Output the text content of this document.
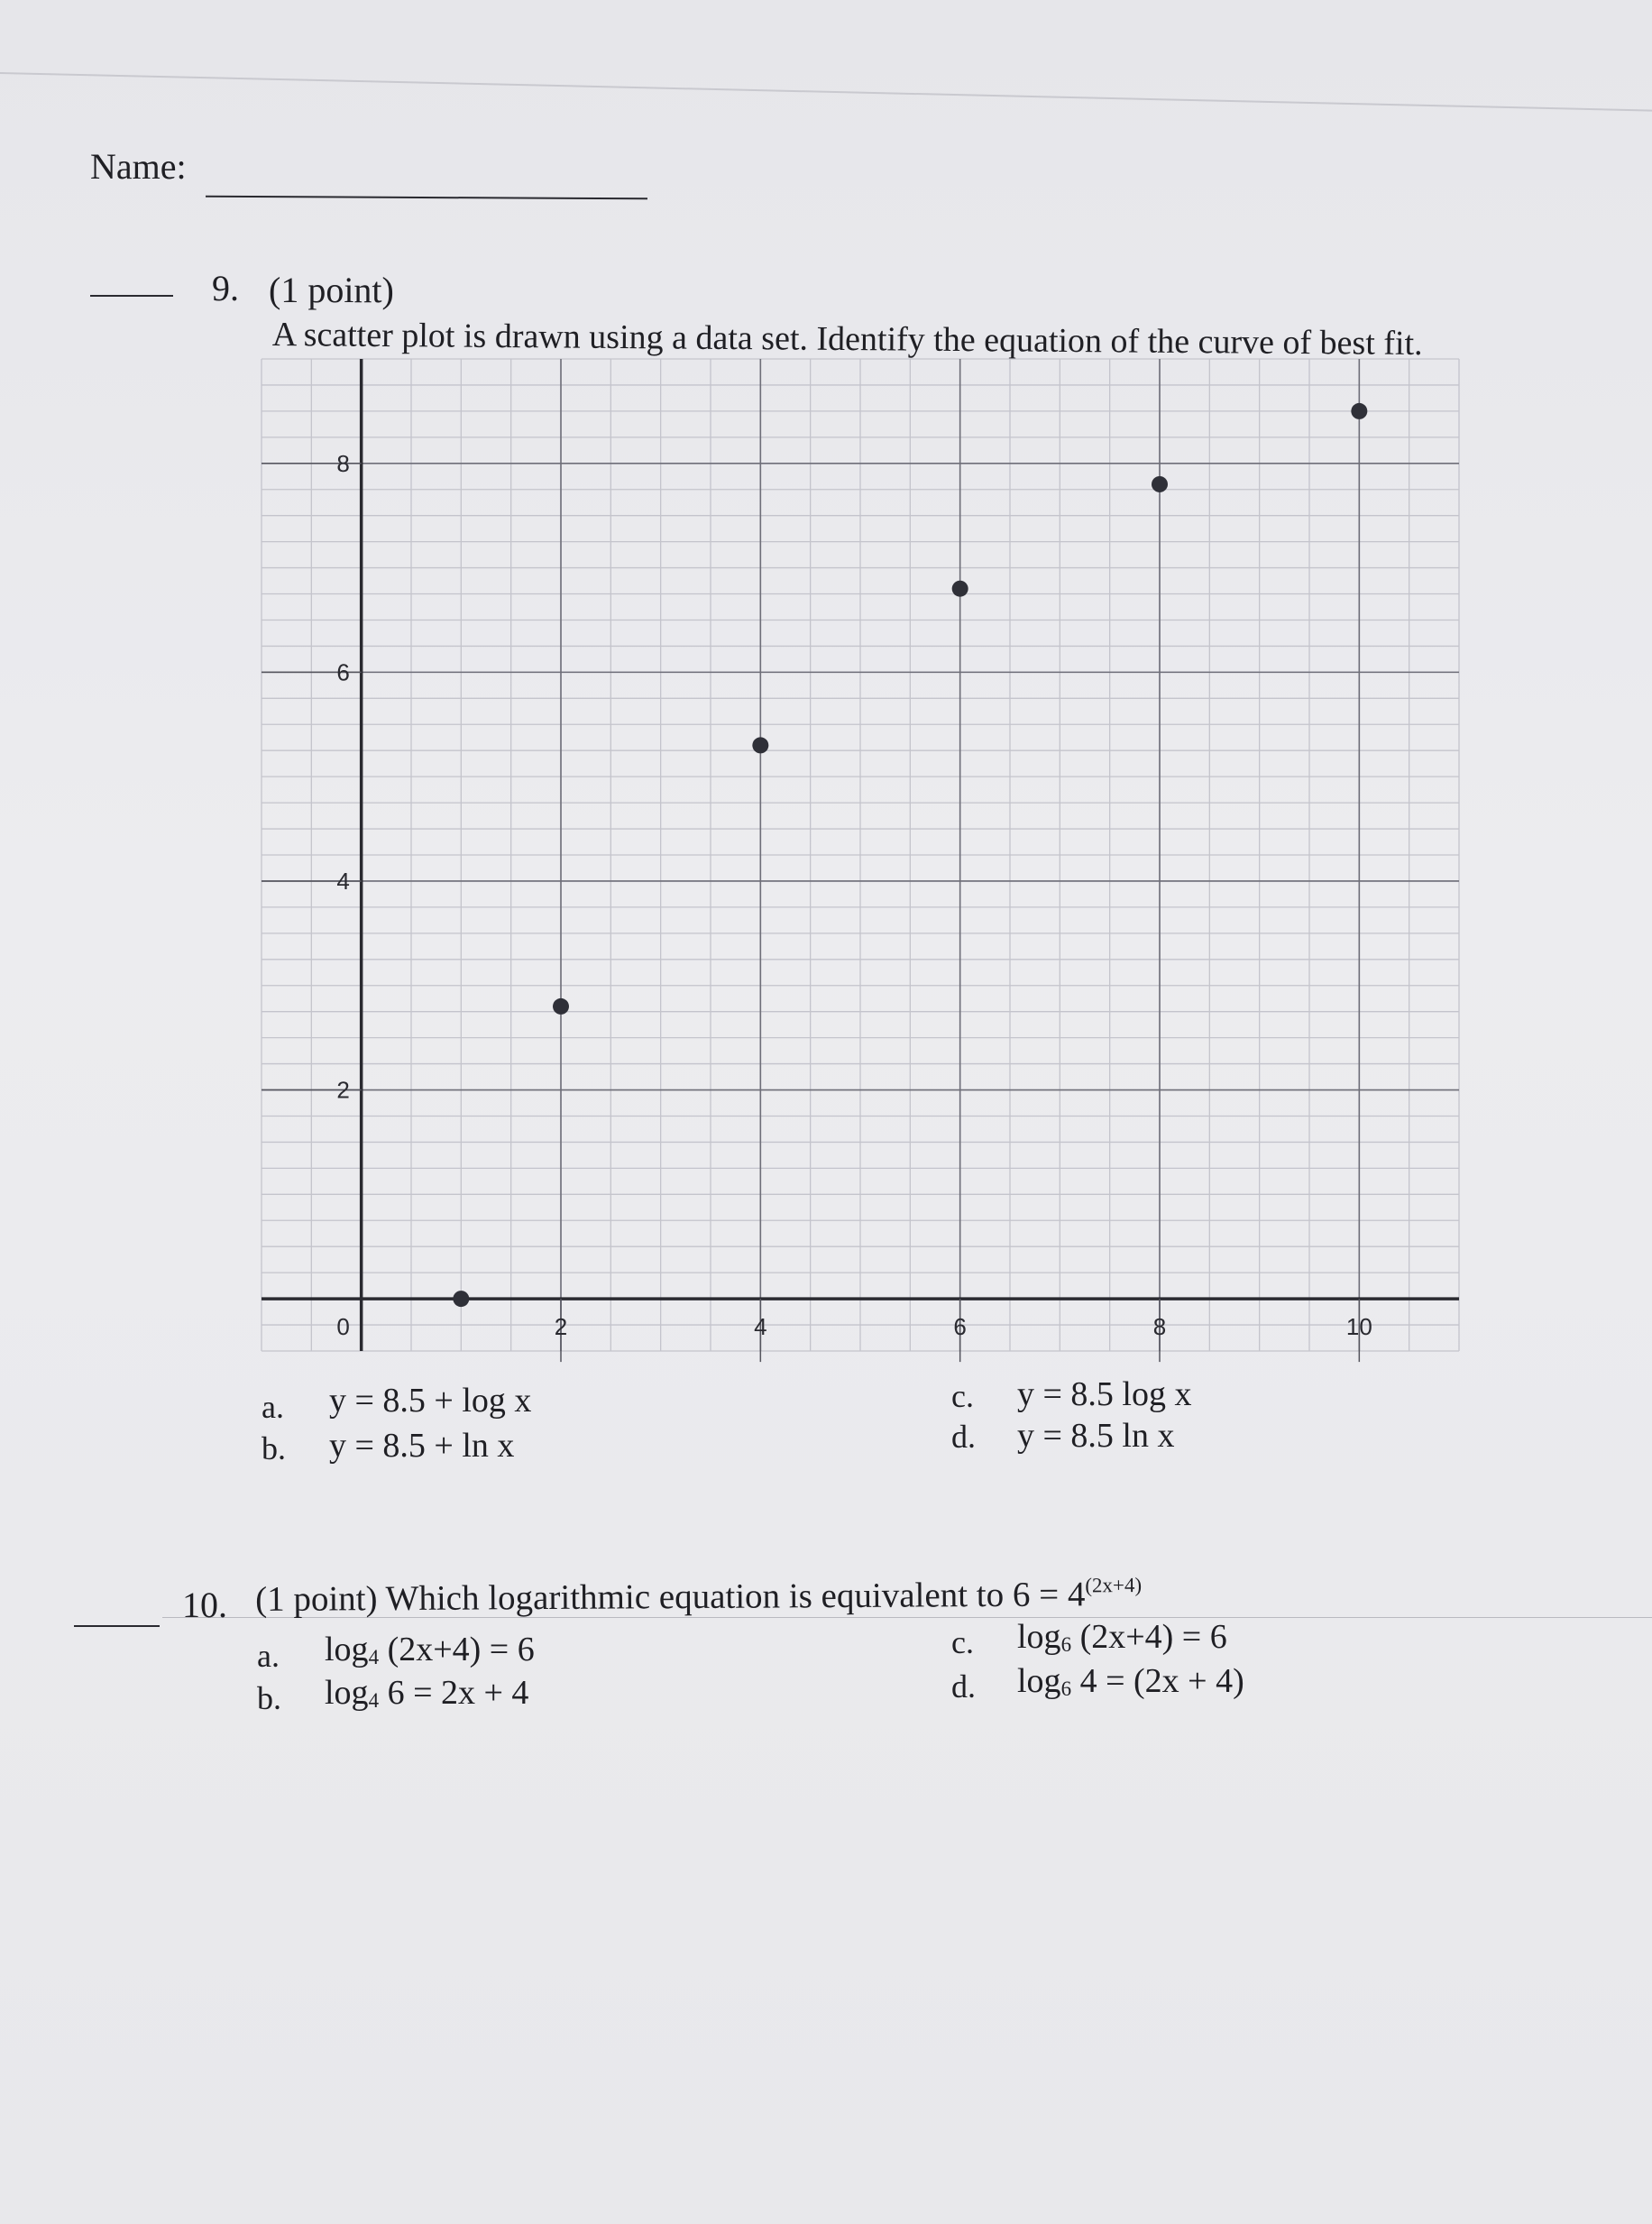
Name:
9. (1 point)
A scatter plot is drawn using a data set. Identify the equation of the curve of best fit.
0	2	4	6	8	10
2
4
6
8
a. y = 8.5 + log x
b. y = 8.5 + ln x
c. y = 8.5 log x
d. y = 8.5 ln x
10. (1 point) Which logarithmic equation is equivalent to $6 = 4^{(2x+4)}$
a. $\log_4 (2x+4) = 6$
b. $\log_4 6 = 2x + 4$
c. $\log_6 (2x+4) = 6$
d. $\log_6 4 = (2x + 4)$
